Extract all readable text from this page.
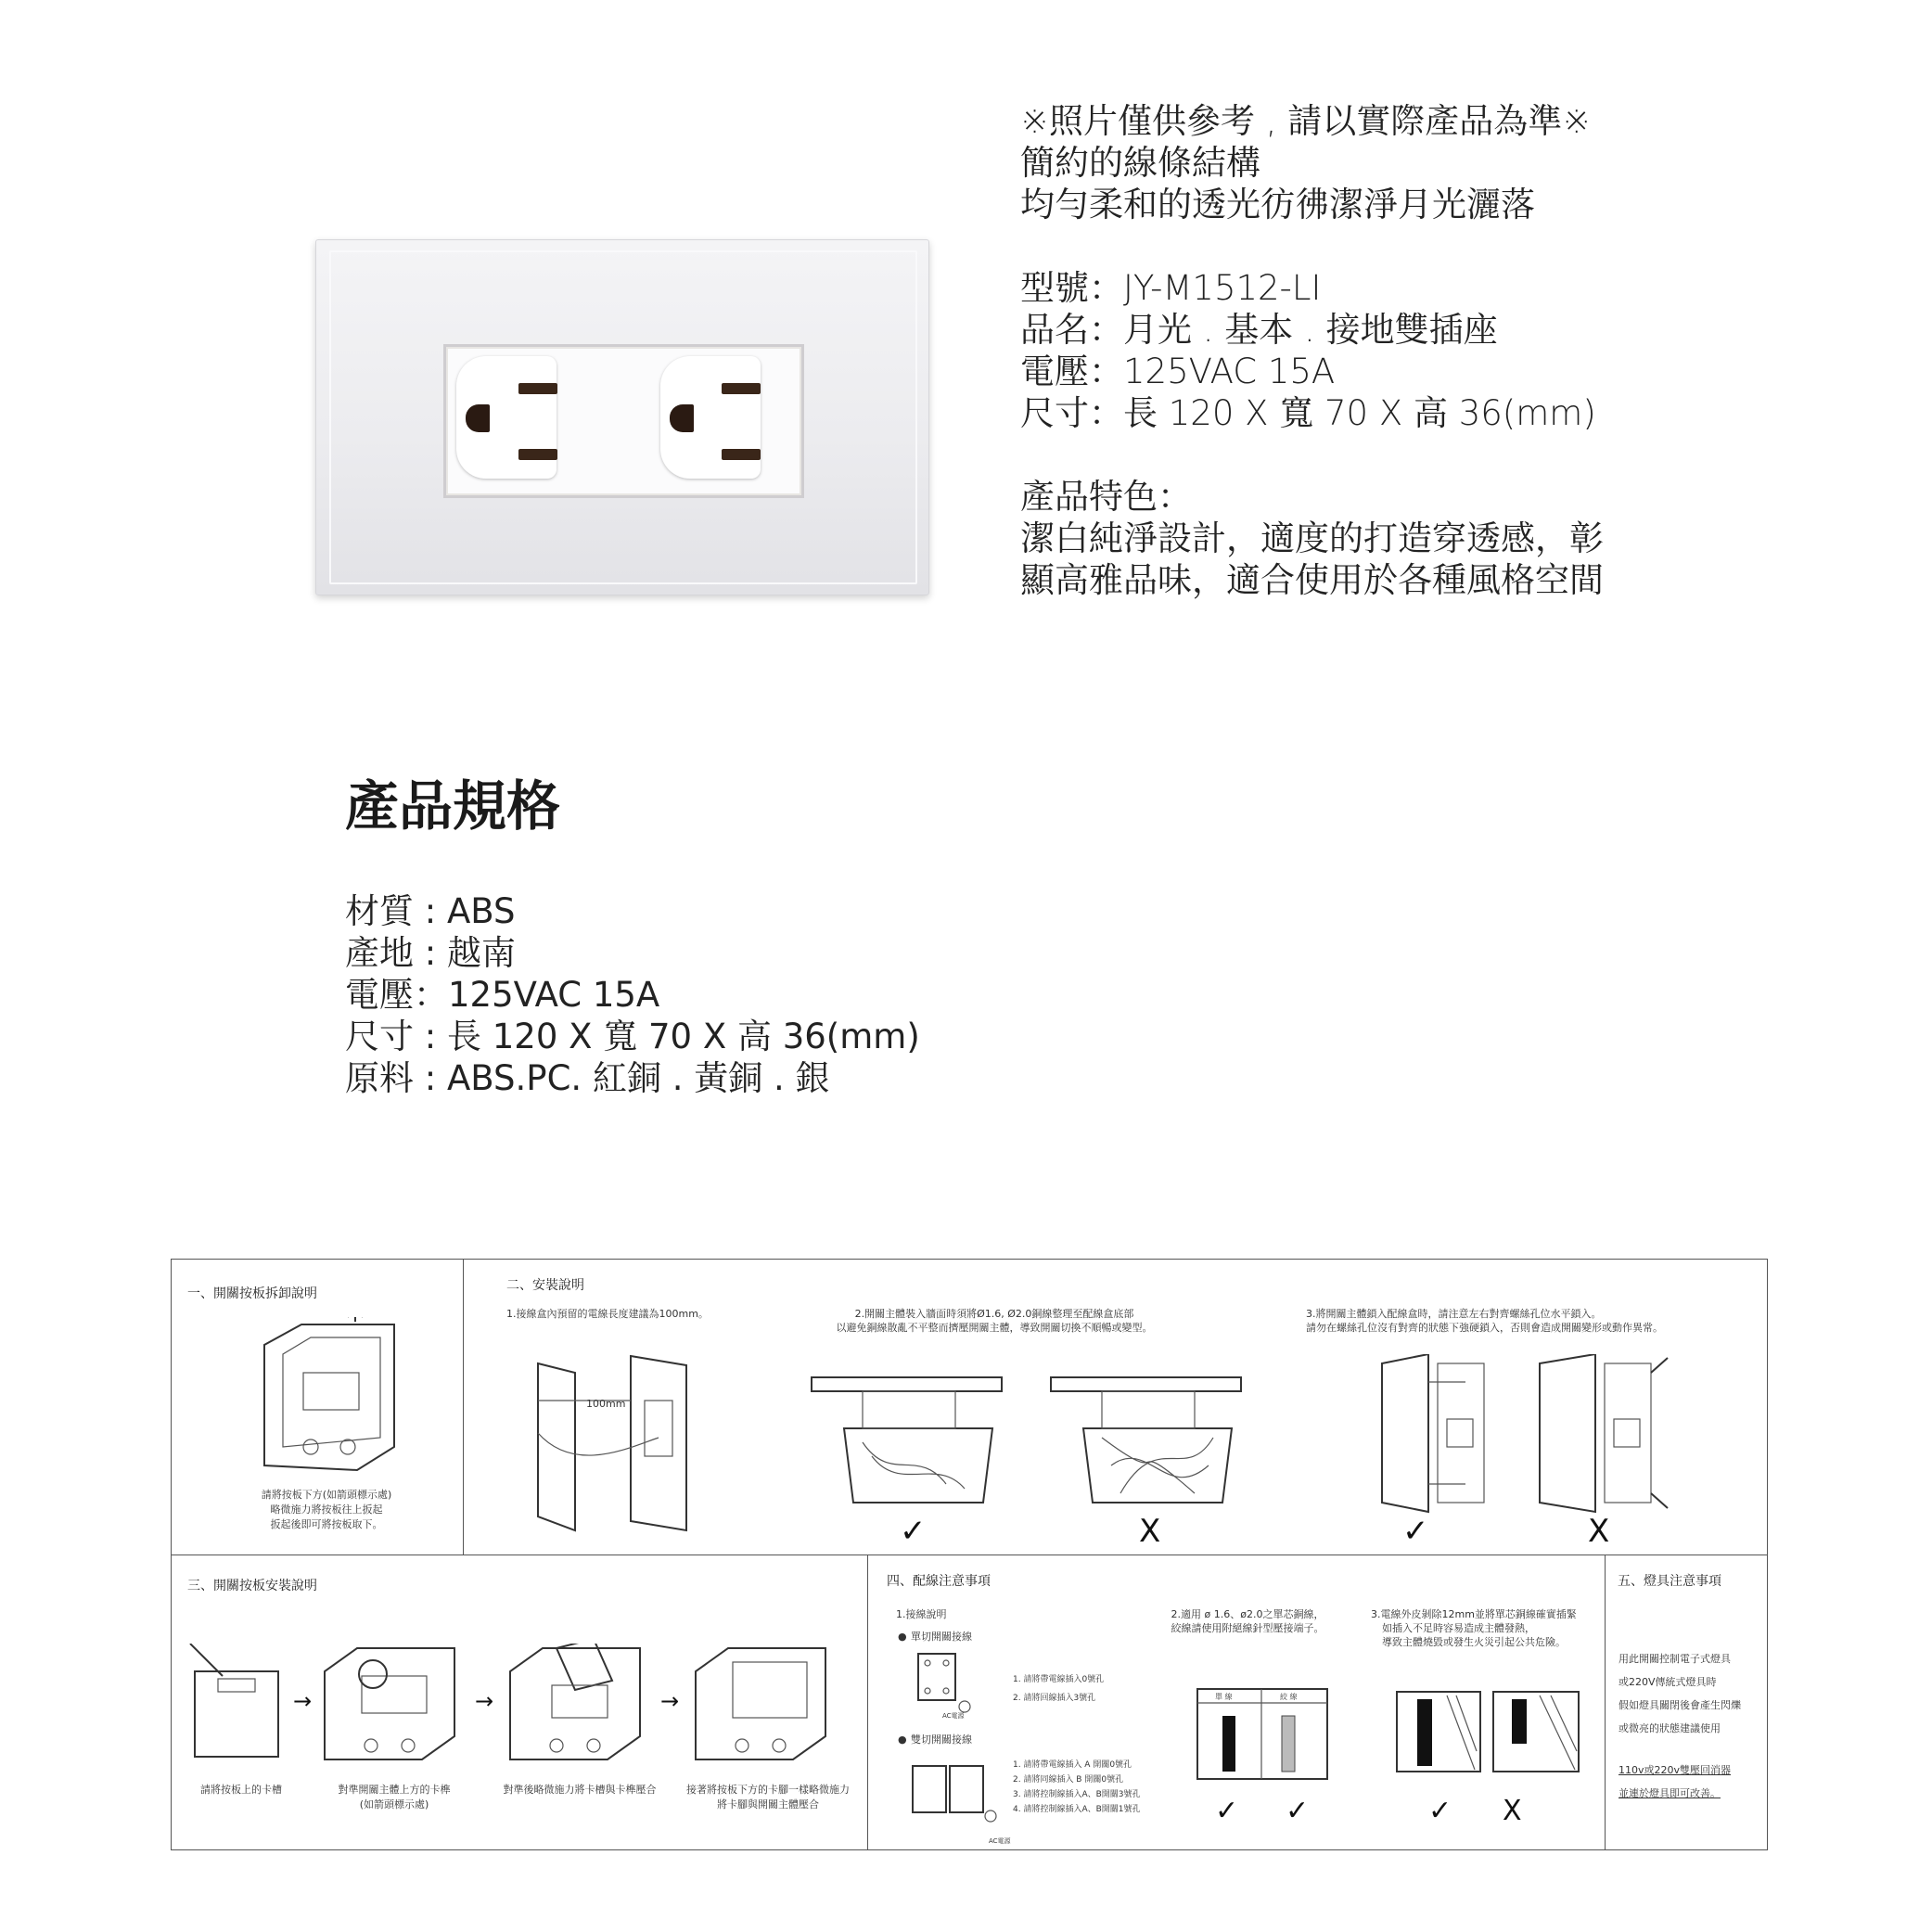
※照片僅供參考 , 請以實際產品為準※

簡約的線條結構

均勻柔和的透光彷彿潔淨月光灑落

型號：JY-M1512-LI

品名：月光 . 基本 . 接地雙插座

電壓：125VAC 15A

尺寸：長 120 X 寬 70 X 高 36(mm)

產品特色：

潔白純淨設計，適度的打造穿透感，彰

顯高雅品味，適合使用於各種風格空間

產品規格

材質 : ABS

產地 : 越南

電壓：125VAC 15A

尺寸 : 長 120 X 寬 70 X 高 36(mm)

原料 : ABS.PC. 紅銅 . 黃銅 . 銀

一、開關按板拆卸說明
請將按板下方(如箭頭標示處)
略微施力將按板往上扳起
扳起後即可將按板取下。
二、安裝說明
1.接線盒內預留的電線長度建議為100mm。
100mm
2.開關主體裝入牆面時須將Ø1.6, Ø2.0銅線整理至配線盒底部
以避免銅線散亂不平整而擠壓開關主體，導致開關切換不順暢或變型。
✓	X
3.將開關主體鎖入配線盒時，請注意左右對齊螺絲孔位水平鎖入。
請勿在螺絲孔位沒有對齊的狀態下強硬鎖入，否則會造成開關變形或動作異常。
✓	X
三、開關按板安裝說明
→	→	→
請將按板上的卡槽	對準開關主體上方的卡榫
(如箭頭標示處)
對準後略微施力將卡槽與卡榫壓合	接著將按板下方的卡腳一樣略微施力
將卡腳與開關主體壓合
四、配線注意事項
1.接線說明
● 單切開關接線
AC電源
1. 請將帶電線插入0號孔
2. 請將回線插入3號孔
● 雙切開關接線
AC電源
1. 請將帶電線插入 A 開關0號孔
2. 請將同線插入 B 開關0號孔
3. 請將控制線插入A、B開關3號孔
4. 請將控制線插入A、B開關1號孔
2.適用 ø 1.6、ø2.0之單芯銅線，
絞線請使用附絕線針型壓接端子。
單 線	絞 線
✓ ✓
3.電線外皮剝除12mm並將單芯銅線確實插緊
如插入不足時容易造成主體發熱，
導致主體燒毀或發生火災引起公共危險。
✓ X
五、燈具注意事項
用此開關控制電子式燈具
或220V傳統式燈具時
假如燈具關閉後會產生閃爍
或微亮的狀態建議使用
110v或220v雙壓回消器
並連於燈具即可改善。
